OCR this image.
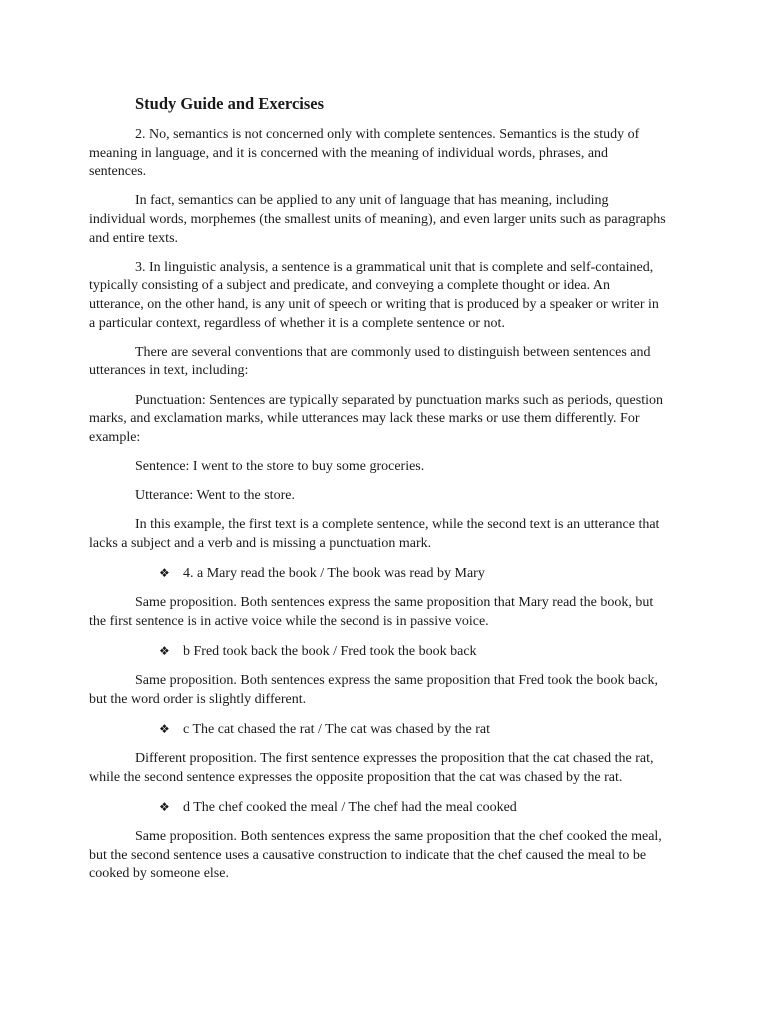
Study Guide and Exercises

2. No, semantics is not concerned only with complete sentences. Semantics is the study of meaning in language, and it is concerned with the meaning of individual words, phrases, and sentences.

In fact, semantics can be applied to any unit of language that has meaning, including individual words, morphemes (the smallest units of meaning), and even larger units such as paragraphs and entire texts.

3. In linguistic analysis, a sentence is a grammatical unit that is complete and self-contained, typically consisting of a subject and predicate, and conveying a complete thought or idea. An utterance, on the other hand, is any unit of speech or writing that is produced by a speaker or writer in a particular context, regardless of whether it is a complete sentence or not.

There are several conventions that are commonly used to distinguish between sentences and utterances in text, including:

Punctuation: Sentences are typically separated by punctuation marks such as periods, question marks, and exclamation marks, while utterances may lack these marks or use them differently. For example:

Sentence: I went to the store to buy some groceries.

Utterance: Went to the store.

In this example, the first text is a complete sentence, while the second text is an utterance that lacks a subject and a verb and is missing a punctuation mark.

❖ 4. a Mary read the book / The book was read by Mary

Same proposition. Both sentences express the same proposition that Mary read the book, but the first sentence is in active voice while the second is in passive voice.

❖ b Fred took back the book / Fred took the book back

Same proposition. Both sentences express the same proposition that Fred took the book back, but the word order is slightly different.

❖ c The cat chased the rat / The cat was chased by the rat

Different proposition. The first sentence expresses the proposition that the cat chased the rat, while the second sentence expresses the opposite proposition that the cat was chased by the rat.

❖ d The chef cooked the meal / The chef had the meal cooked

Same proposition. Both sentences express the same proposition that the chef cooked the meal, but the second sentence uses a causative construction to indicate that the chef caused the meal to be cooked by someone else.
